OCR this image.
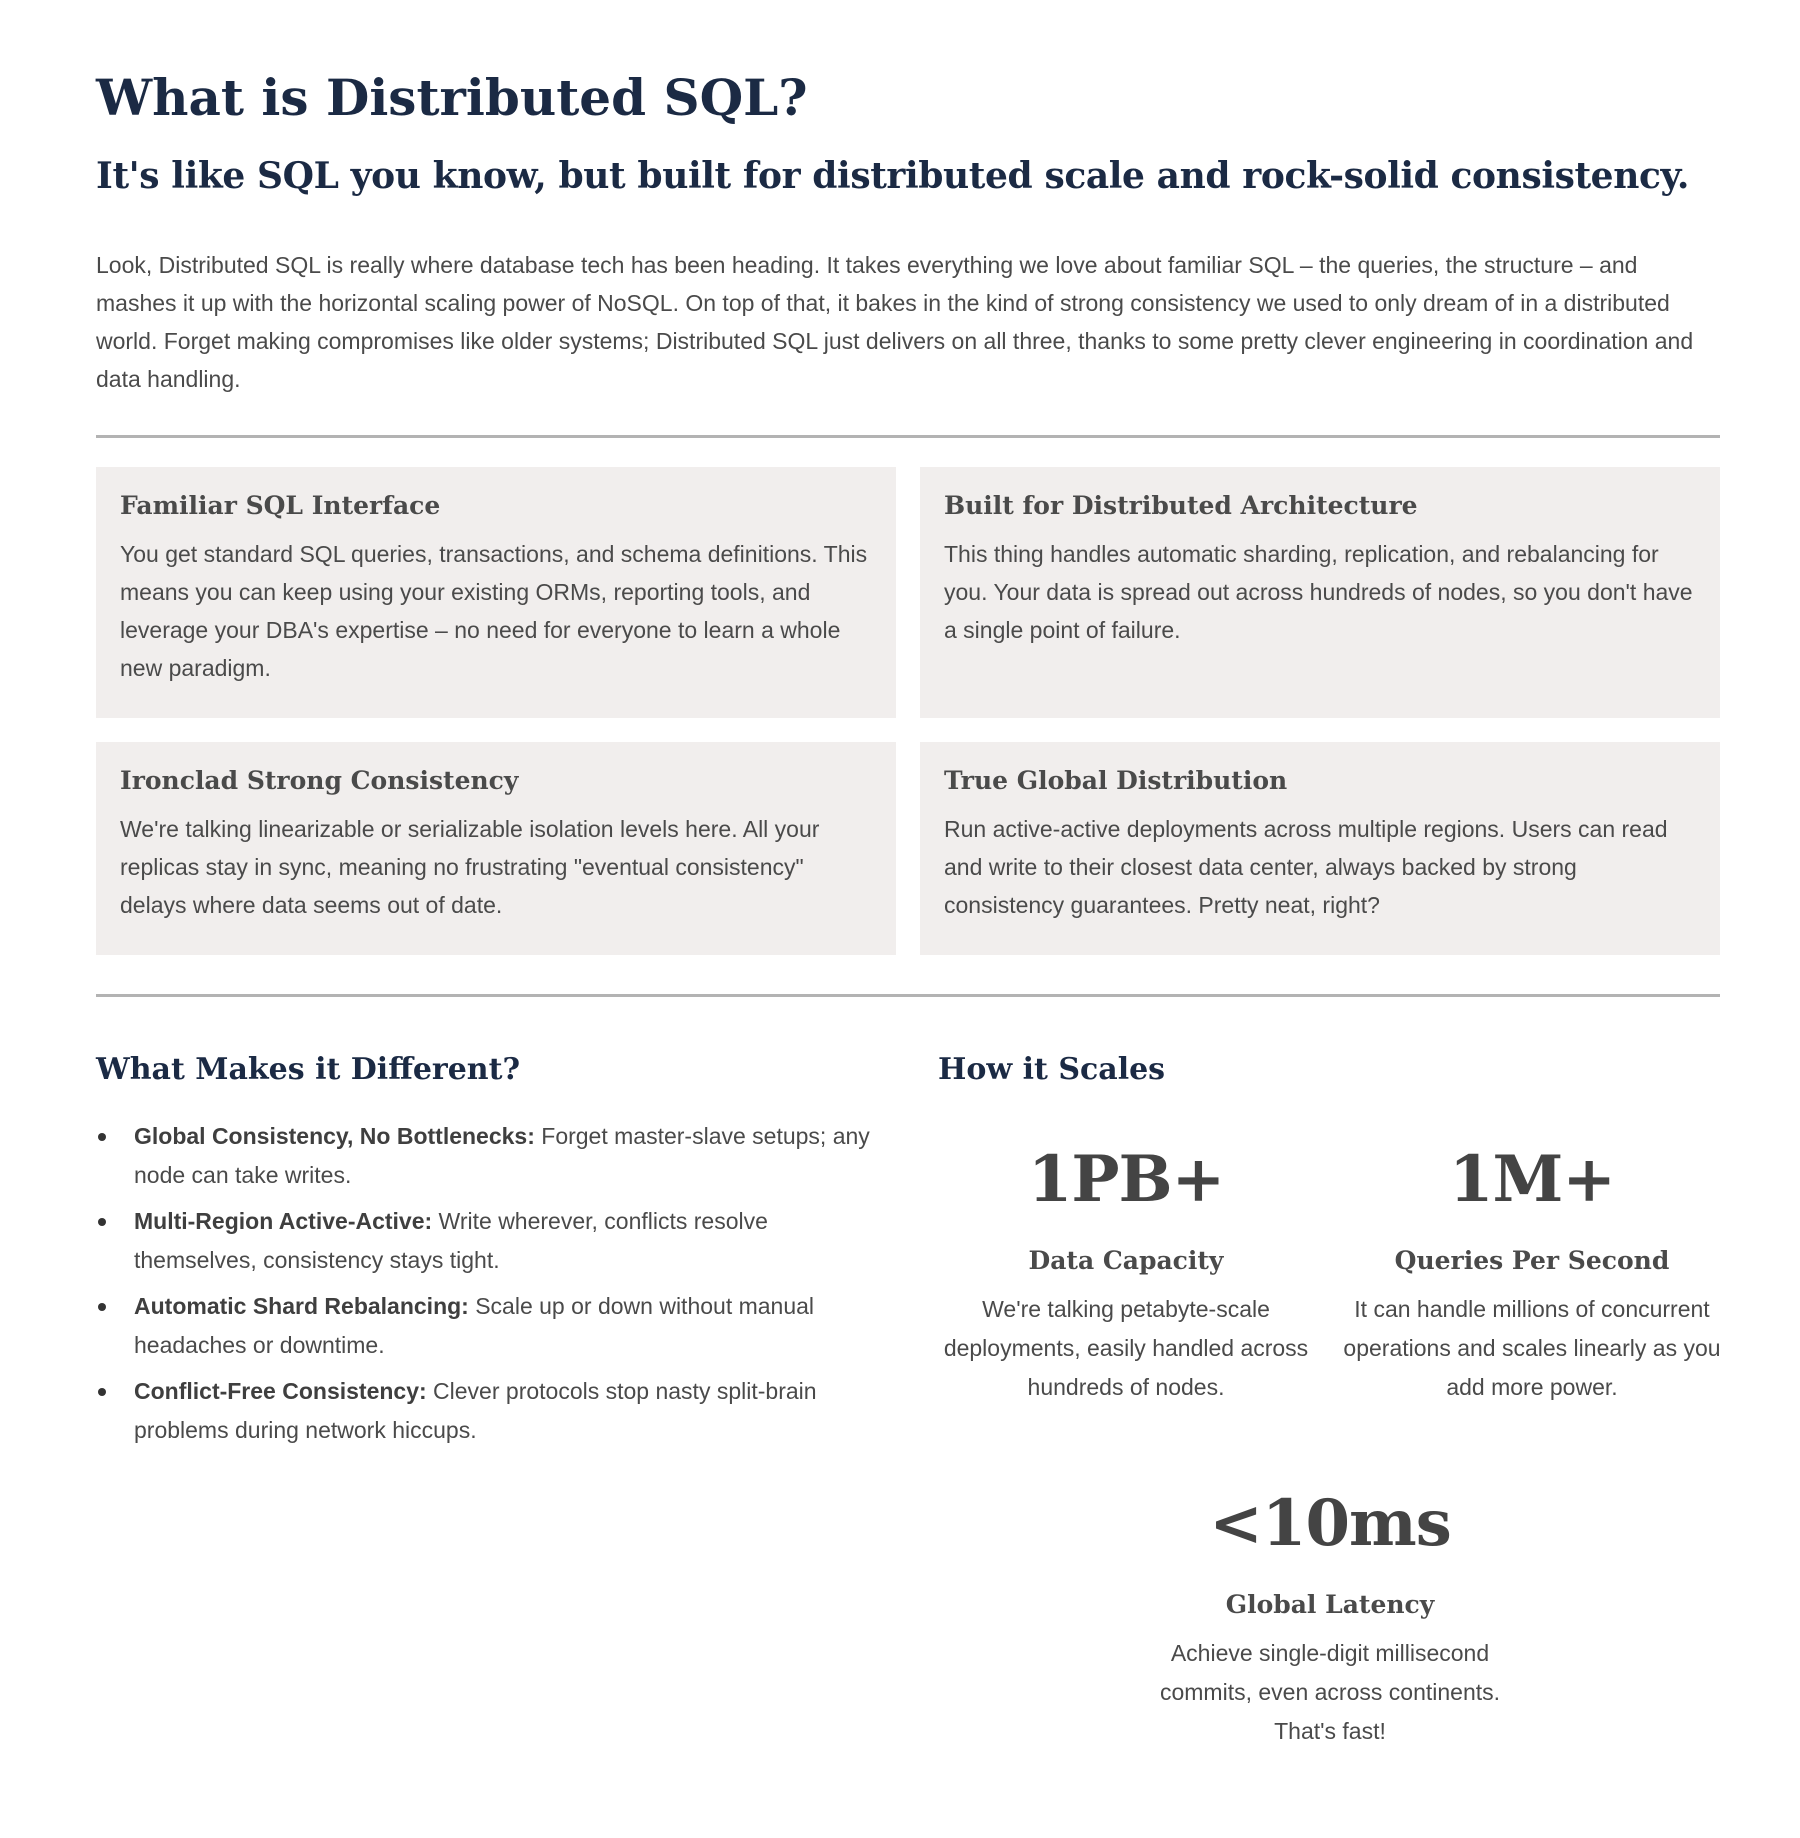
What is Distributed SQL?
It's like SQL you know, but built for distributed scale and rock-solid consistency.

Look, Distributed SQL is really where database tech has been heading. It takes everything we love about familiar SQL – the queries, the structure – and mashes it up with the horizontal scaling power of NoSQL. On top of that, it bakes in the kind of strong consistency we used to only dream of in a distributed world. Forget making compromises like older systems; Distributed SQL just delivers on all three, thanks to some pretty clever engineering in coordination and data handling.

Familiar SQL Interface

You get standard SQL queries, transactions, and schema definitions. This means you can keep using your existing ORMs, reporting tools, and leverage your DBA's expertise – no need for everyone to learn a whole new paradigm.

Built for Distributed Architecture

This thing handles automatic sharding, replication, and rebalancing for you. Your data is spread out across hundreds of nodes, so you don't have a single point of failure.

Ironclad Strong Consistency

We're talking linearizable or serializable isolation levels here. All your replicas stay in sync, meaning no frustrating "eventual consistency" delays where data seems out of date.

True Global Distribution

Run active-active deployments across multiple regions. Users can read and write to their closest data center, always backed by strong consistency guarantees. Pretty neat, right?

What Makes it Different?
Global Consistency, No Bottlenecks: Forget master-slave setups; any node can take writes.
Multi-Region Active-Active: Write wherever, conflicts resolve themselves, consistency stays tight.
Automatic Shard Rebalancing: Scale up or down without manual headaches or downtime.
Conflict-Free Consistency: Clever protocols stop nasty split-brain problems during network hiccups.
How it Scales
1PB+
Data Capacity

We're talking petabyte-scale deployments, easily handled across hundreds of nodes.

1M+
Queries Per Second

It can handle millions of concurrent operations and scales linearly as you add more power.

<10ms
Global Latency

Achieve single-digit millisecond commits, even across continents. That's fast!
